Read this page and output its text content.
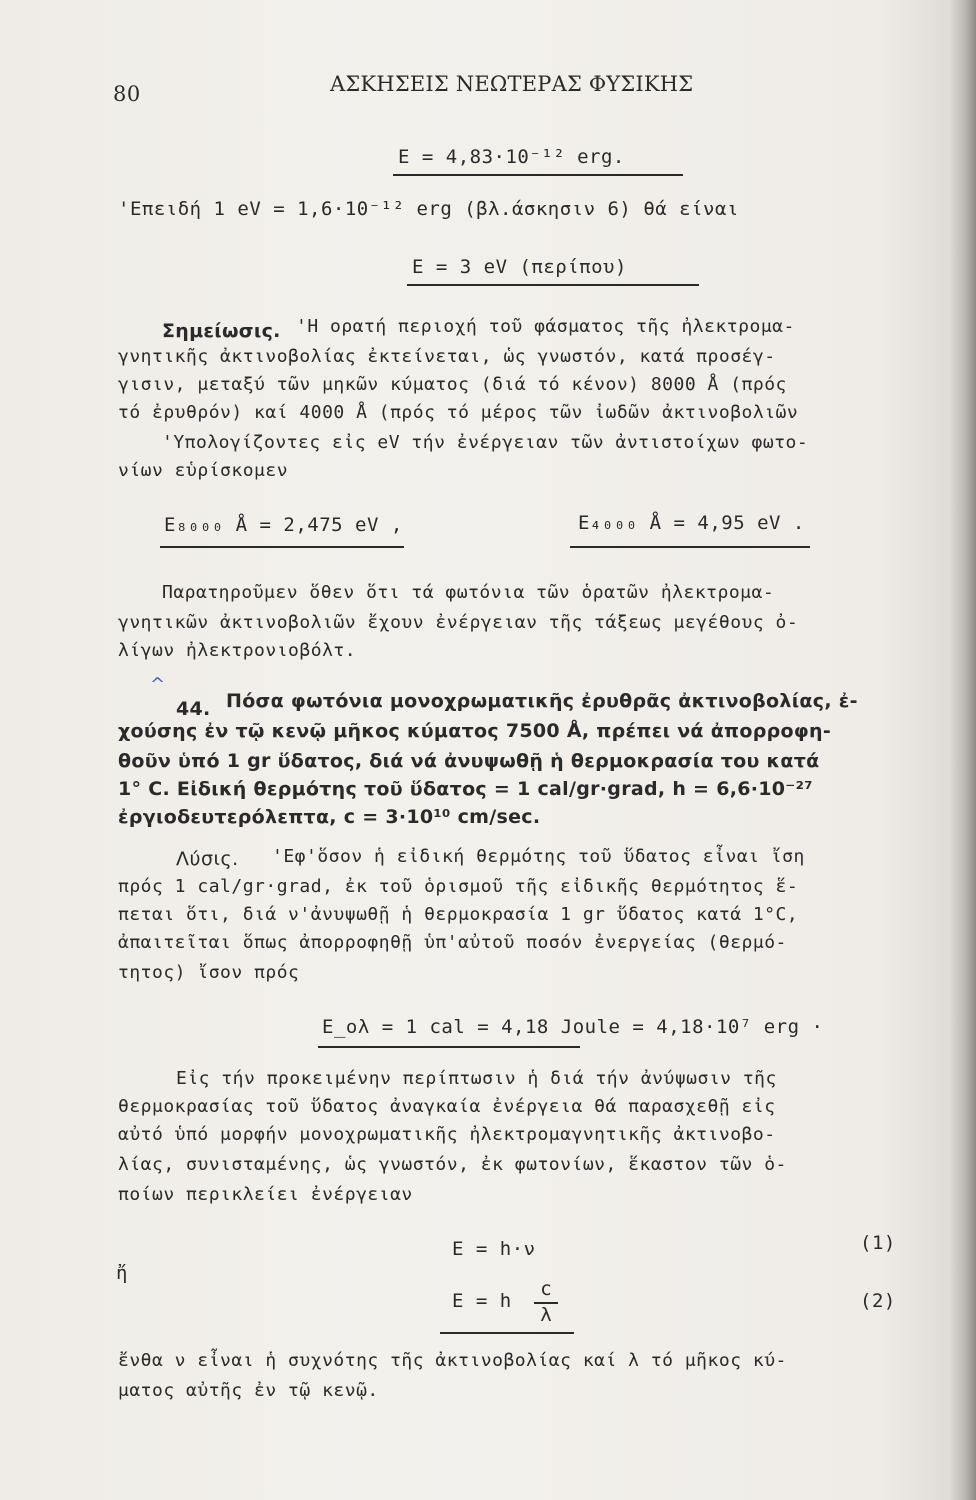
80	ΑΣΚΗΣΕΙΣ ΝΕΩΤΕΡΑΣ ΦΥΣΙΚΗΣ
E = 4,83·10⁻¹² erg.
'Επειδή 1 eV = 1,6·10⁻¹² erg (βλ.άσκησιν 6) θά είναι
E = 3 eV (περίπου)
Σημείωσις. 'Η ορατή περιοχή τοῦ φάσματος τῆς ἠλεκτρομα-
γνητικῆς ἀκτινοβολίας ἐκτείνεται, ὡς γνωστόν, κατά προσέγ-
γισιν, μεταξύ τῶν μηκῶν κύματος (διά τό κένον) 8000 Å (πρός
τό ἐρυθρόν) καί 4000 Å (πρός τό μέρος τῶν ἰωδῶν ἀκτινοβολιῶν
'Υπολογίζοντες εἰς eV τήν ἐνέργειαν τῶν ἀντιστοίχων φωτο-
νίων εὑρίσκομεν
E₈₀₀₀ Å = 2,475 eV ,	E₄₀₀₀ Å = 4,95 eV .
Παρατηροῦμεν ὅθεν ὅτι τά φωτόνια τῶν ὁρατῶν ἠλεκτρομα-
γνητικῶν ἀκτινοβολιῶν ἔχουν ἐνέργειαν τῆς τάξεως μεγέθους ὀ-
λίγων ἠλεκτρονιοβόλτ.
^
44. Πόσα φωτόνια μονοχρωματικῆς ἐρυθρᾶς ἀκτινοβολίας, ἐ-
χούσης ἐν τῷ κενῷ μῆκος κύματος 7500 Å, πρέπει νά ἀπορροφη-
θοῦν ὑπό 1 gr ὕδατος, διά νά ἀνυψωθῇ ἡ θερμοκρασία του κατά
1° C. Εἰδική θερμότης τοῦ ὕδατος = 1 cal/gr·grad, h = 6,6·10⁻²⁷
ἐργιοδευτερόλεπτα, c = 3·10¹⁰ cm/sec.
Λύσις. 'Εφ'ὅσον ἡ εἰδική θερμότης τοῦ ὕδατος εἶναι ἴση
πρός 1 cal/gr·grad, ἐκ τοῦ ὁρισμοῦ τῆς εἰδικῆς θερμότητος ἕ-
πεται ὅτι, διά ν'ἀνυψωθῇ ἡ θερμοκρασία 1 gr ὕδατος κατά 1°C,
ἀπαιτεῖται ὅπως ἀπορροφηθῇ ὑπ'αὐτοῦ ποσόν ἐνεργείας (θερμό-
τητος) ἴσον πρός
E_ολ = 1 cal = 4,18 Joule = 4,18·10⁷ erg ·
Εἰς τήν προκειμένην περίπτωσιν ἡ διά τήν ἀνύψωσιν τῆς
θερμοκρασίας τοῦ ὕδατος ἀναγκαία ἐνέργεια θά παρασχεθῇ εἰς
αὐτό ὑπό μορφήν μονοχρωματικῆς ἠλεκτρομαγνητικῆς ἀκτινοβο-
λίας, συνισταμένης, ὡς γνωστόν, ἐκ φωτονίων, ἕκαστον τῶν ὁ-
ποίων περικλείει ἐνέργειαν
E = h·ν	(1)
ἤ
E = h
c
λ
(2)
ἔνθα ν εἶναι ἡ συχνότης τῆς ἀκτινοβολίας καί λ τό μῆκος κύ-
ματος αὐτῆς ἐν τῷ κενῷ.
